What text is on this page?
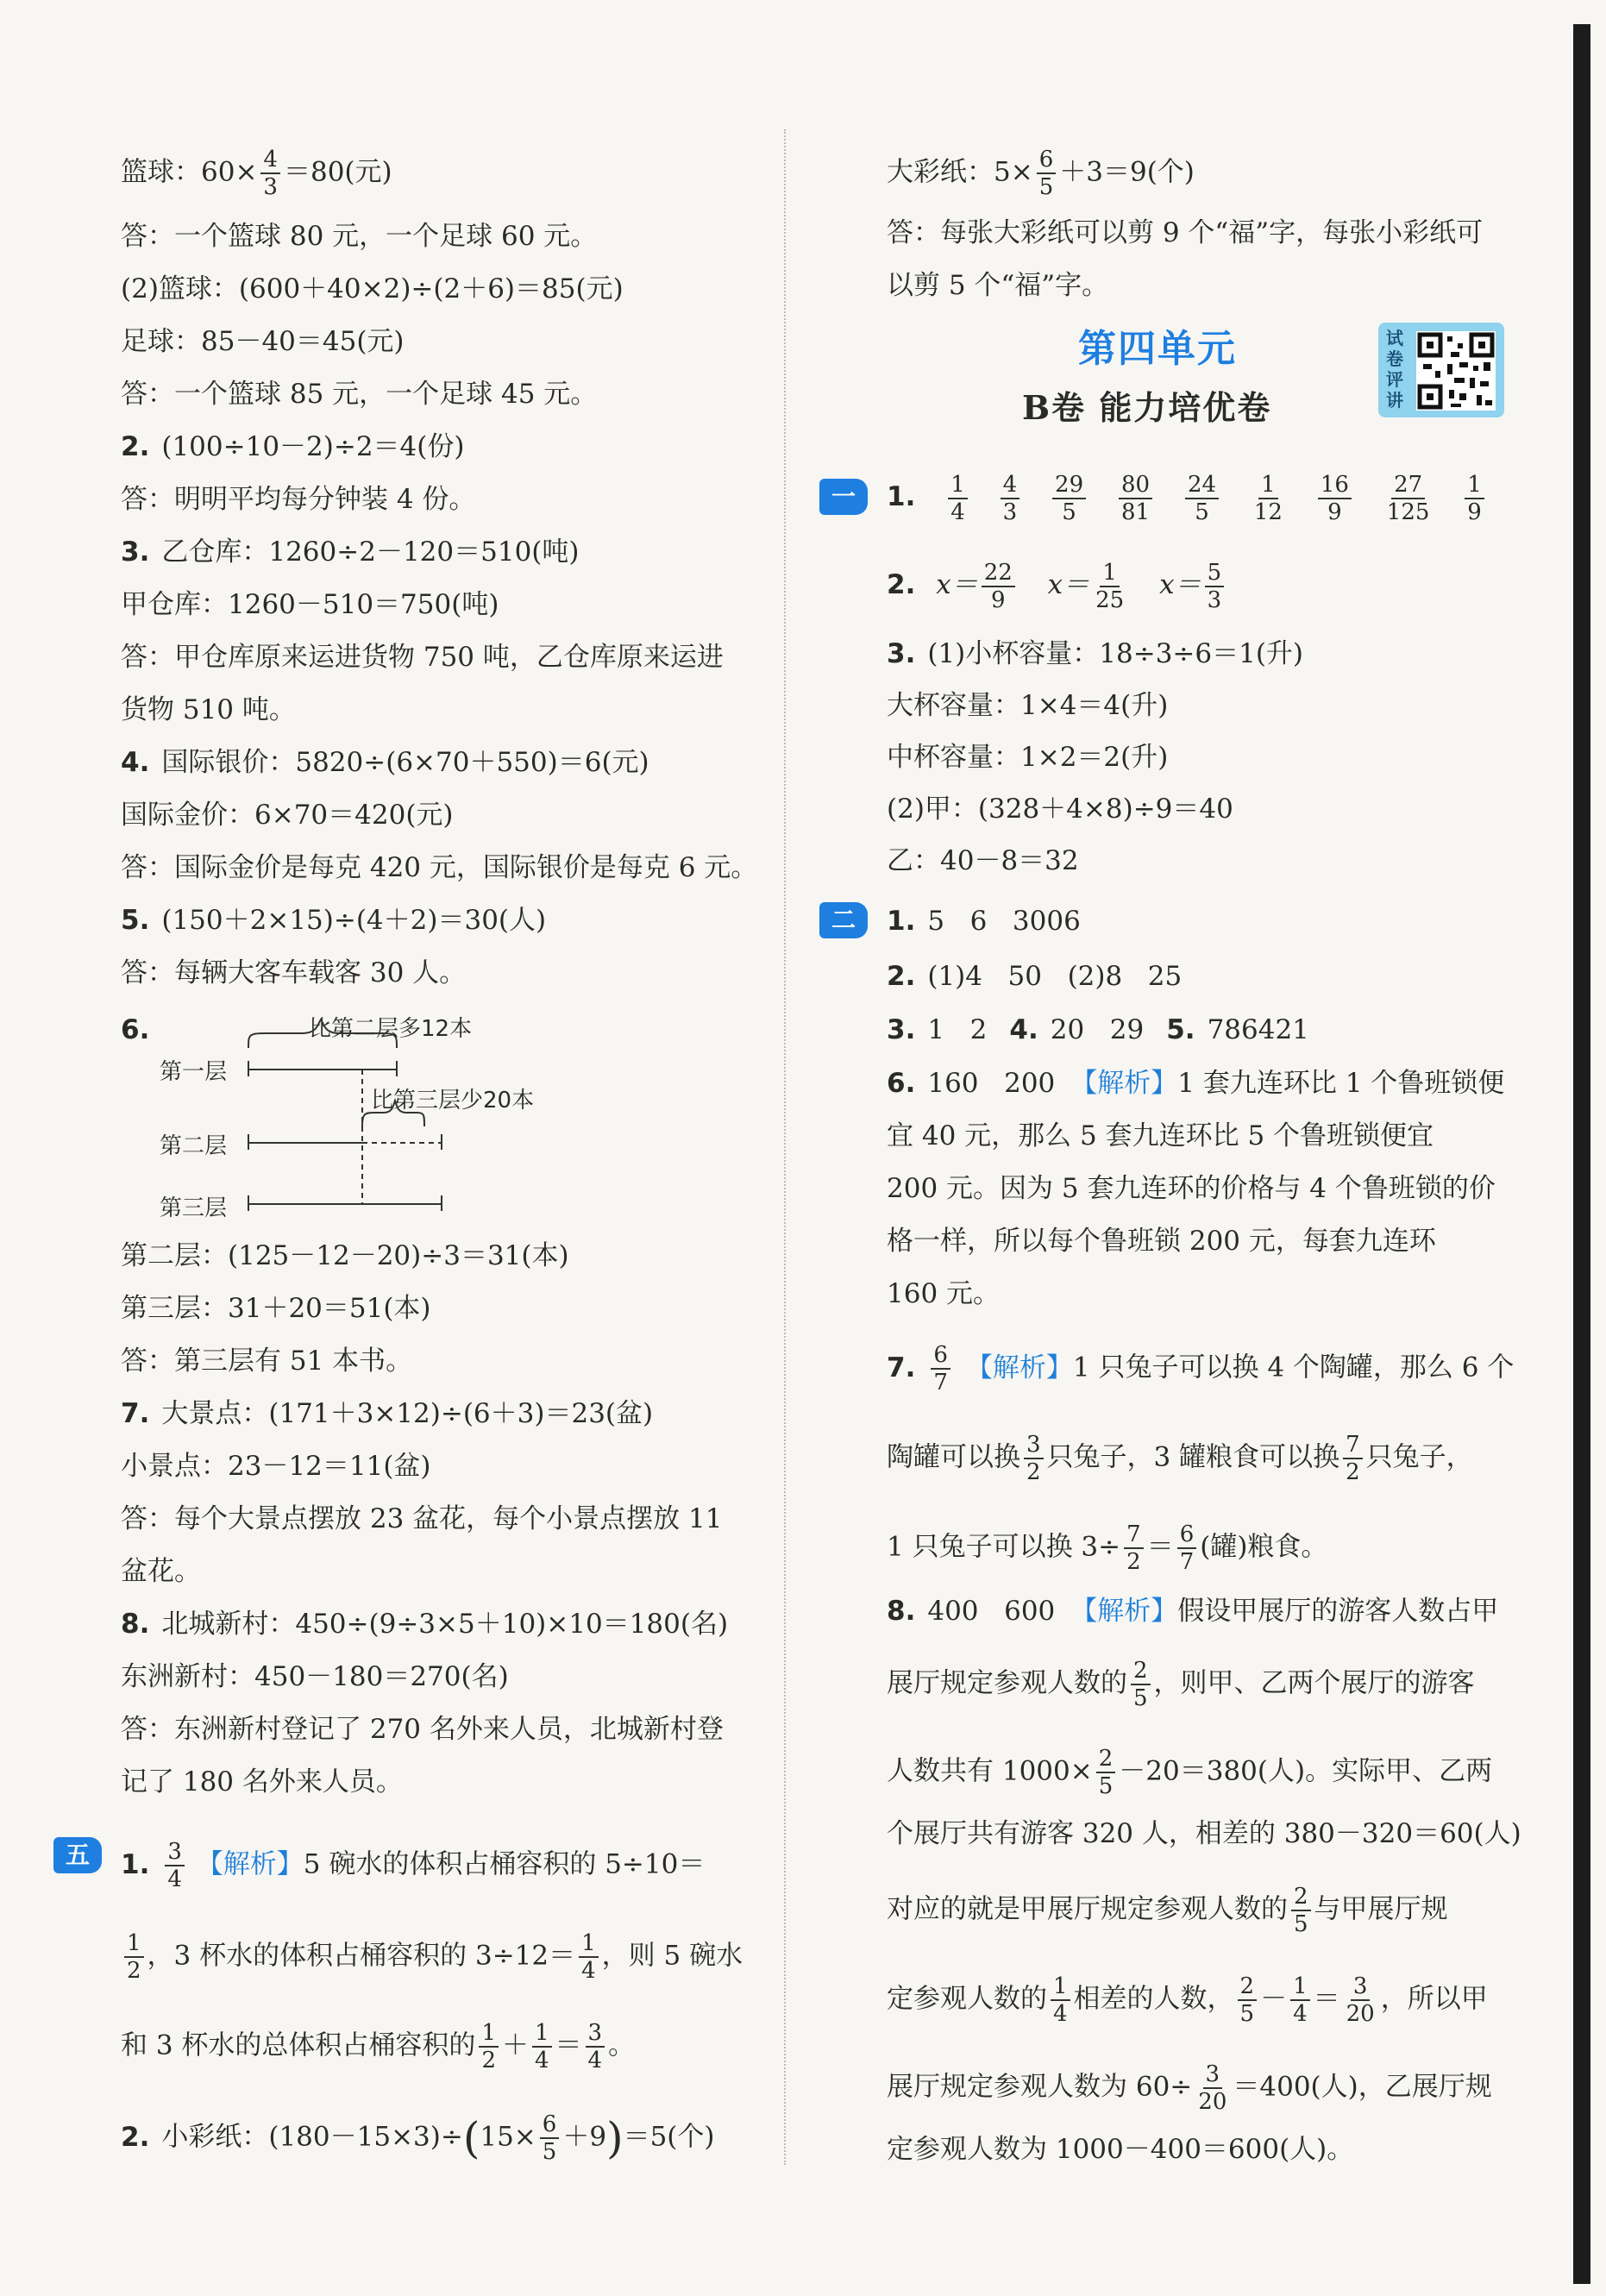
篮球：$60\times \frac{4}{3} =80$(元)
答：一个篮球 80 元，一个足球 60 元。
(2)篮球：(600＋40×2)÷(2＋6)＝85(元)
足球：85－40＝45(元)
答：一个篮球 85 元，一个足球 45 元。
2. (100÷10－2)÷2＝4(份)
答：明明平均每分钟装 4 份。
3. 乙仓库：1260÷2－120＝510(吨)
甲仓库：1260－510＝750(吨)
答：甲仓库原来运进货物 750 吨，乙仓库原来运进
货物 510 吨。
4. 国际银价：5820÷(6×70＋550)＝6(元)
国际金价：6×70＝420(元)
答：国际金价是每克 420 元，国际银价是每克 6 元。
5. (150＋2×15)÷(4＋2)＝30(人)
答：每辆大客车载客 30 人。
6.	比第二层多12本
第一层
比第三层少20本
第二层
第三层
第二层：(125－12－20)÷3＝31(本)
第三层：31＋20＝51(本)
答：第三层有 51 本书。
7. 大景点：(171＋3×12)÷(6＋3)＝23(盆)
小景点：23－12＝11(盆)
答：每个大景点摆放 23 盆花，每个小景点摆放 11
盆花。
8. 北城新村：450÷(9÷3×5＋10)×10＝180(名)
东洲新村：450－180＝270(名)
答：东洲新村登记了 270 名外来人员，北城新村登
记了 180 名外来人员。
五	1. $\frac{3}{4}$ 【解析】5 碗水的体积占桶容积的 5÷10＝
$\frac{1}{2}$ ，3 杯水的体积占桶容积的 $3\div 12= \frac{1}{4}$ ，则 5 碗水
和 3 杯水的总体积占桶容积的 $\frac{1}{2} + \frac{1}{4} = \frac{3}{4}$ 。
2. 小彩纸：$(180-15\times 3)\div(15\times \frac{6}{5} +9)=5$(个)
大彩纸：$5\times \frac{6}{5} +3=9$(个)
答：每张大彩纸可以剪 9 个“福”字，每张小彩纸可
以剪 5 个“福”字。
第四单元
B卷 能力培优卷
试卷评讲
一	1. $\frac{1}{4}$
$\frac{4}{3}$
$\frac{29}{5}$
$\frac{80}{81}$
$\frac{24}{5}$
$\frac{1}{12}$
$\frac{16}{9}$
$\frac{27}{125}$
$\frac{1}{9}$
2. $x= \frac{22}{9} x= \frac{1}{25} x= \frac{5}{3}$
3. (1)小杯容量：18÷3÷6＝1(升)
大杯容量：1×4＝4(升)
中杯容量：1×2＝2(升)
(2)甲：(328＋4×8)÷9＝40
乙：40－8＝32
二	1. 5   6   3006
2. (1)4   50   (2)8   25
3. 1   2 4. 20   29 5. 786421
6. 160   200 【解析】1 套九连环比 1 个鲁班锁便
宜 40 元，那么 5 套九连环比 5 个鲁班锁便宜
200 元。因为 5 套九连环的价格与 4 个鲁班锁的价
格一样，所以每个鲁班锁 200 元，每套九连环
160 元。
7. $\frac{6}{7}$ 【解析】1 只兔子可以换 4 个陶罐，那么 6 个
陶罐可以换 $\frac{3}{2}$ 只兔子，3 罐粮食可以换 $\frac{7}{2}$ 只兔子，
1 只兔子可以换 $3\div \frac{7}{2} = \frac{6}{7}$ (罐)粮食。
8. 400   600 【解析】假设甲展厅的游客人数占甲
展厅规定参观人数的 $\frac{2}{5}$ ，则甲、乙两个展厅的游客
人数共有 $1000\times \frac{2}{5} -20=380$(人)。实际甲、乙两
个展厅共有游客 320 人，相差的 380－320＝60(人)
对应的就是甲展厅规定参观人数的 $\frac{2}{5}$ 与甲展厅规
定参观人数的 $\frac{1}{4}$ 相差的人数， $\frac{2}{5} - \frac{1}{4} = \frac{3}{20}$ ，所以甲
展厅规定参观人数为 $60\div \frac{3}{20} =400$(人)，乙展厅规
定参观人数为 1000－400＝600(人)。
